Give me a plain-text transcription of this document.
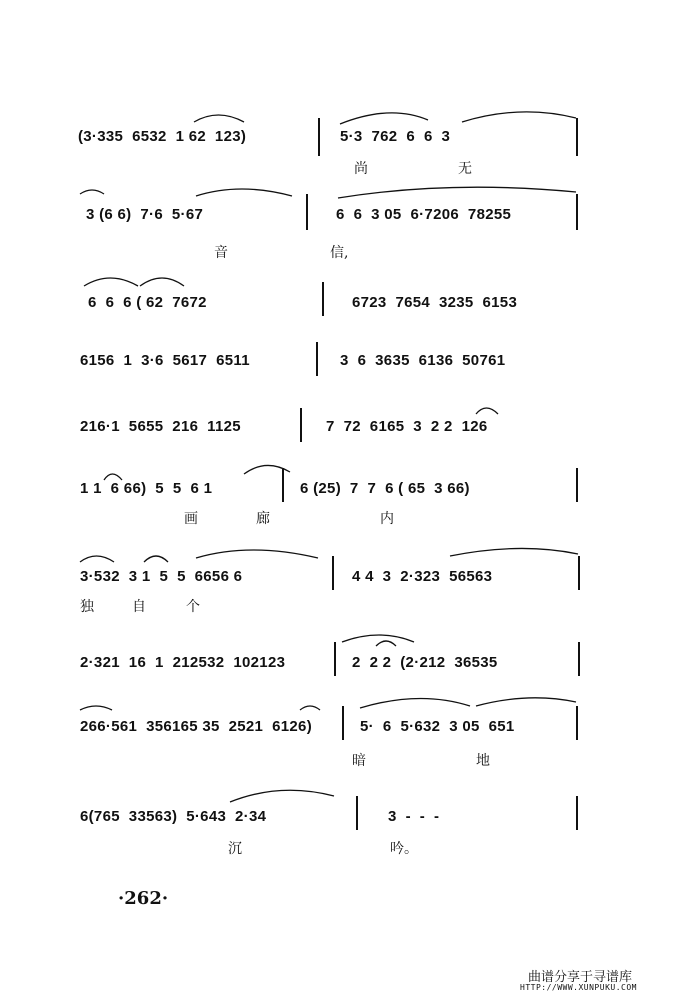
(3·335  6532  1 62  123)	5·3  762  6  6  3
尚	无
3 (6 6)  7·6  5·67	6  6  3 05  6·7206  78255
音	信,
6  6  6 ( 62  7672	6723  7654  3235  6153
6156  1  3·6  5617  6511	3  6  3635  6136  50761
216·1  5655  216  1125	7  72  6165  3  2 2  126
1 1  6 66)  5  5  6 1	6 (25)  7  7  6 ( 65  3 66)
画	廊	内
3·532  3 1  5  5  6656 6	4 4  3  2·323  56563
独	自	个
2·321  16  1  212532  102123	2  2 2  (2·212  36535
266·561  356165 35  2521  6126)	5·  6  5·632  3 05  651
暗	地
6(765  33563)  5·643  2·34	3  -  -  -
沉	吟。
·262·
曲谱分享于寻谱库
HTTP://WWW.XUNPUKU.COM
